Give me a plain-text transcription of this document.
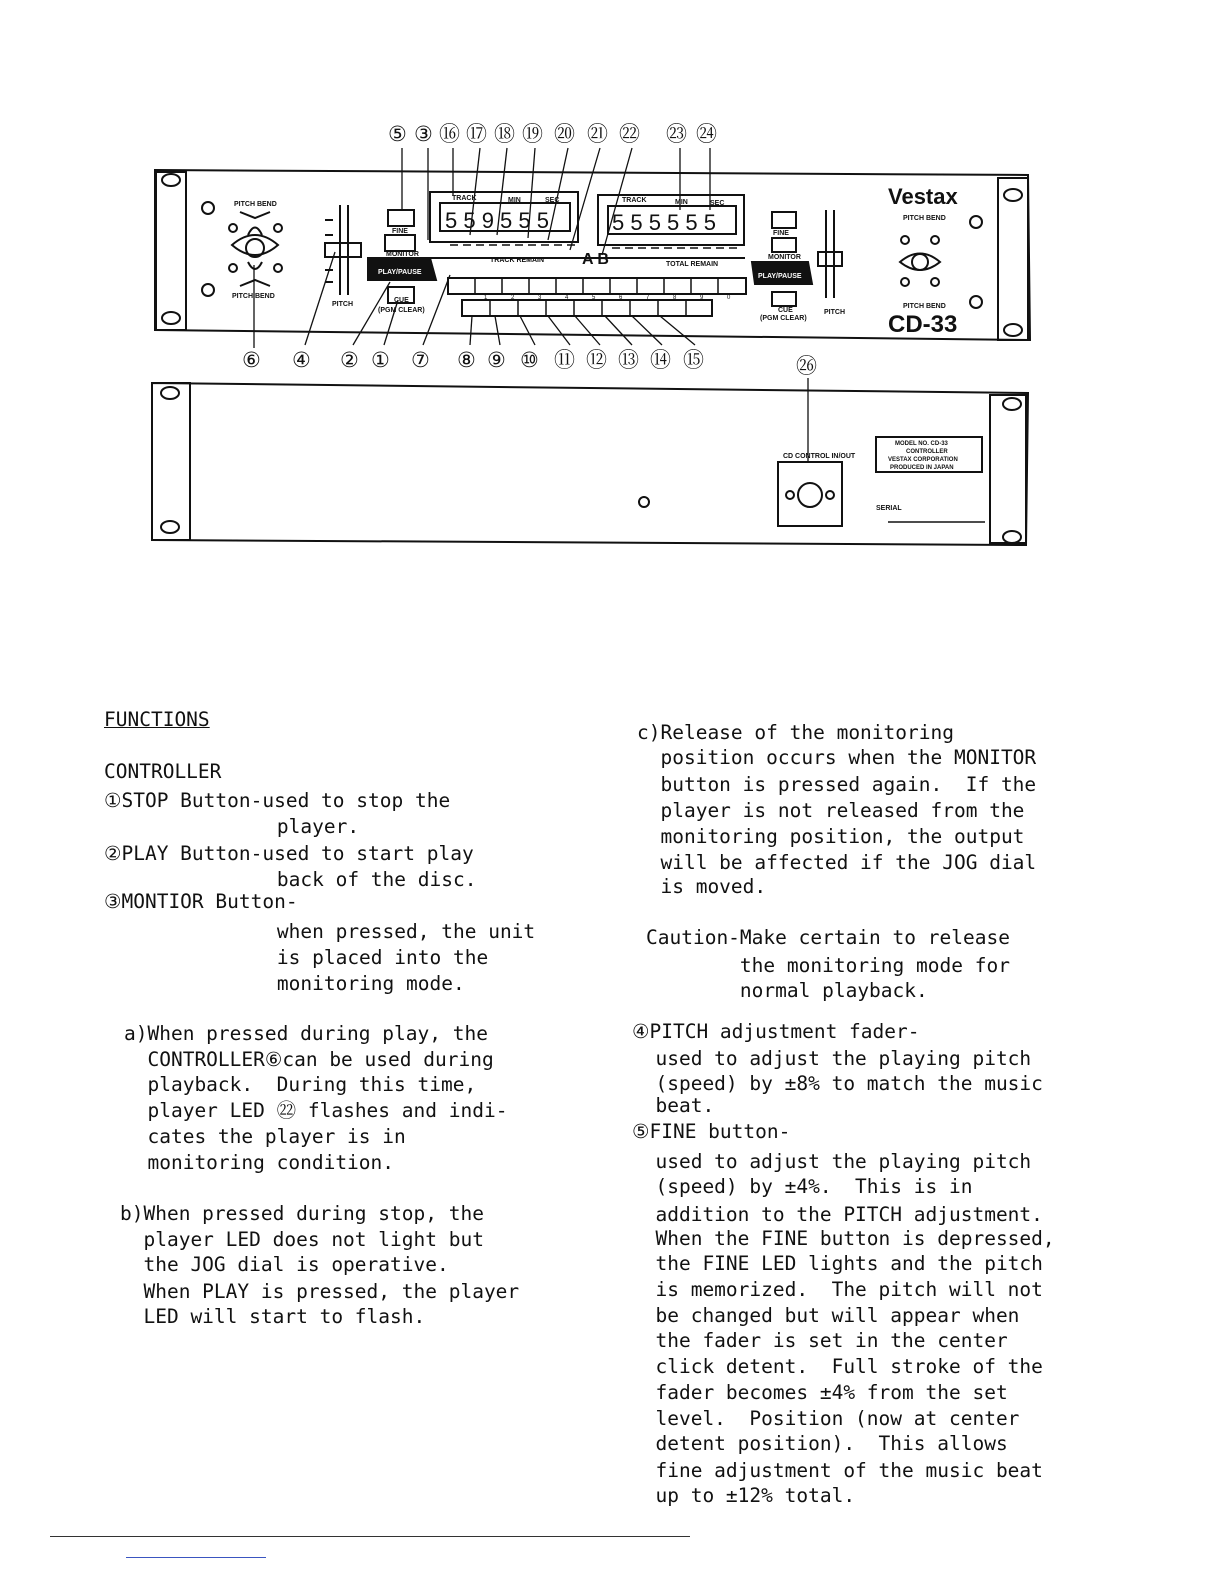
5 5 9 5 5 5	5 5 5 5 5 5
A B
PITCH BEND
PITCH BEND
PITCH
FINE
MONITOR
PLAY/PAUSE
CUE
(PGM CLEAR)
TRACK	MIN	SEC
TRACK REMAIN
TOTAL REMAIN
TRACK	MIN	SEC
FINE
MONITOR
PLAY/PAUSE
CUE
(PGM CLEAR)
PITCH
PITCH BEND
PITCH BEND
CD CONTROL IN/OUT
SERIAL
MODEL NO. CD-33
CONTROLLER
VESTAX CORPORATION
PRODUCED IN JAPAN
Vestax
CD-33
1	2	3	4	5	6	7	8	9	0
⑤ ③ ⑯ ⑰ ⑱ ⑲ ⑳ ㉑ ㉒ ㉓ ㉔
⑥ ④ ② ① ⑦ ⑧ ⑨ ⑩ ⑪ ⑫ ⑬ ⑭ ⑮	㉖
FUNCTIONS
CONTROLLER
①STOP Button-used to stop the
player.
②PLAY Button-used to start play
back of the disc.
③MONTIOR Button-
when pressed, the unit
is placed into the
monitoring mode.
a)When pressed during play, the
CONTROLLER⑥can be used during
playback.  During this time,
player LED ㉒ flashes and indi-
cates the player is in
monitoring condition.
b)When pressed during stop, the
player LED does not light but
the JOG dial is operative.
When PLAY is pressed, the player
LED will start to flash.
c)Release of the monitoring
position occurs when the MONITOR
button is pressed again.  If the
player is not released from the
monitoring position, the output
will be affected if the JOG dial
is moved.
Caution-Make certain to release
the monitoring mode for
normal playback.
④PITCH adjustment fader-
used to adjust the playing pitch
(speed) by ±8% to match the music
beat.
⑤FINE button-
used to adjust the playing pitch
(speed) by ±4%.  This is in
addition to the PITCH adjustment.
When the FINE button is depressed,
the FINE LED lights and the pitch
is memorized.  The pitch will not
be changed but will appear when
the fader is set in the center
click detent.  Full stroke of the
fader becomes ±4% from the set
level.  Position (now at center
detent position).  This allows
fine adjustment of the music beat
up to ±12% total.
